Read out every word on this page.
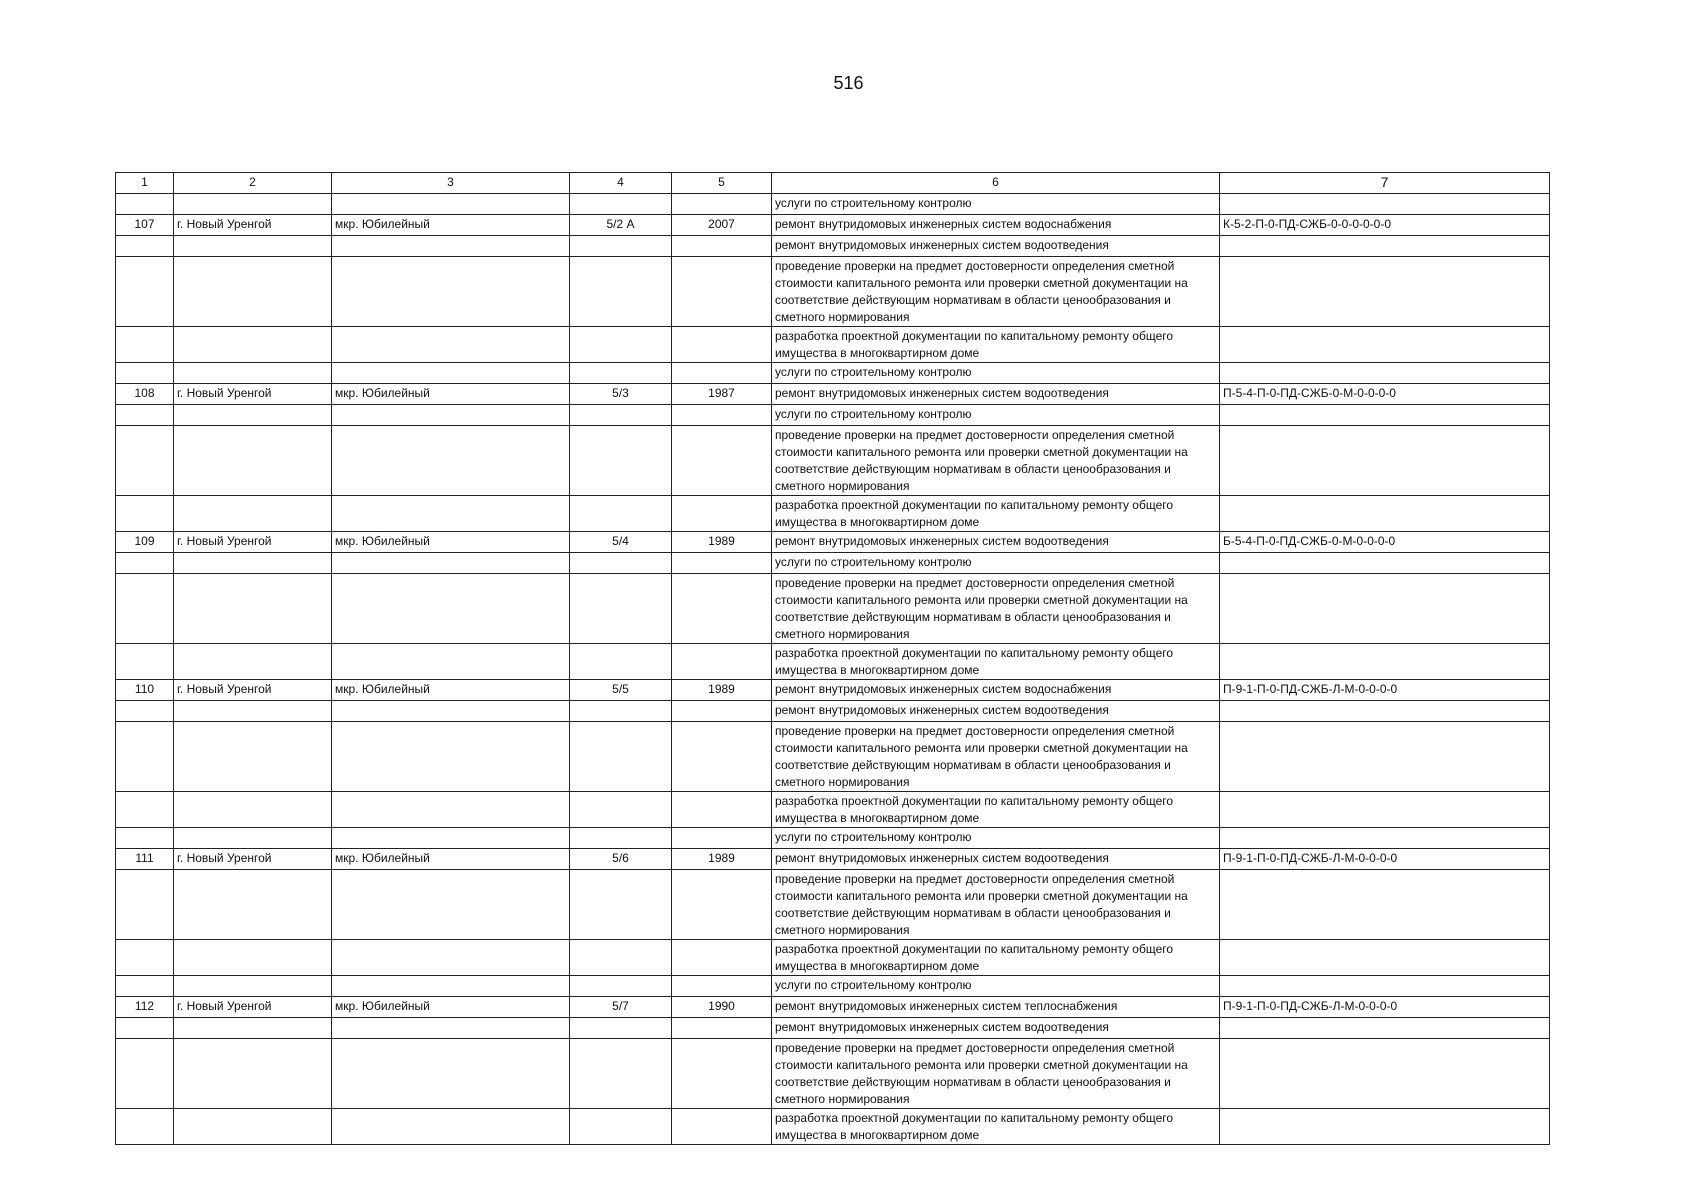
516
1	2	3	4	5	6	7
					услуги по строительному контролю	
107	г. Новый Уренгой	мкр. Юбилейный	5/2 А	2007	ремонт внутридомовых инженерных систем водоснабжения	К-5-2-П-0-ПД-СЖБ-0-0-0-0-0-0
					ремонт внутридомовых инженерных систем водоотведения	
					проведение проверки на предмет достоверности определения сметной стоимости капитального ремонта или проверки сметной документации на соответствие действующим нормативам в области ценообразования и сметного нормирования	
					разработка проектной документации по капитальному ремонту общего имущества в многоквартирном доме	
					услуги по строительному контролю	
108	г. Новый Уренгой	мкр. Юбилейный	5/3	1987	ремонт внутридомовых инженерных систем водоотведения	П-5-4-П-0-ПД-СЖБ-0-М-0-0-0-0
					услуги по строительному контролю	
					проведение проверки на предмет достоверности определения сметной стоимости капитального ремонта или проверки сметной документации на соответствие действующим нормативам в области ценообразования и сметного нормирования	
					разработка проектной документации по капитальному ремонту общего имущества в многоквартирном доме	
109	г. Новый Уренгой	мкр. Юбилейный	5/4	1989	ремонт внутридомовых инженерных систем водоотведения	Б-5-4-П-0-ПД-СЖБ-0-М-0-0-0-0
					услуги по строительному контролю	
					проведение проверки на предмет достоверности определения сметной стоимости капитального ремонта или проверки сметной документации на соответствие действующим нормативам в области ценообразования и сметного нормирования	
					разработка проектной документации по капитальному ремонту общего имущества в многоквартирном доме	
110	г. Новый Уренгой	мкр. Юбилейный	5/5	1989	ремонт внутридомовых инженерных систем водоснабжения	П-9-1-П-0-ПД-СЖБ-Л-М-0-0-0-0
					ремонт внутридомовых инженерных систем водоотведения	
					проведение проверки на предмет достоверности определения сметной стоимости капитального ремонта или проверки сметной документации на соответствие действующим нормативам в области ценообразования и сметного нормирования	
					разработка проектной документации по капитальному ремонту общего имущества в многоквартирном доме	
					услуги по строительному контролю	
111	г. Новый Уренгой	мкр. Юбилейный	5/6	1989	ремонт внутридомовых инженерных систем водоотведения	П-9-1-П-0-ПД-СЖБ-Л-М-0-0-0-0
					проведение проверки на предмет достоверности определения сметной стоимости капитального ремонта или проверки сметной документации на соответствие действующим нормативам в области ценообразования и сметного нормирования	
					разработка проектной документации по капитальному ремонту общего имущества в многоквартирном доме	
					услуги по строительному контролю	
112	г. Новый Уренгой	мкр. Юбилейный	5/7	1990	ремонт внутридомовых инженерных систем теплоснабжения	П-9-1-П-0-ПД-СЖБ-Л-М-0-0-0-0
					ремонт внутридомовых инженерных систем водоотведения	
					проведение проверки на предмет достоверности определения сметной стоимости капитального ремонта или проверки сметной документации на соответствие действующим нормативам в области ценообразования и сметного нормирования	
					разработка проектной документации по капитальному ремонту общего имущества в многоквартирном доме	
